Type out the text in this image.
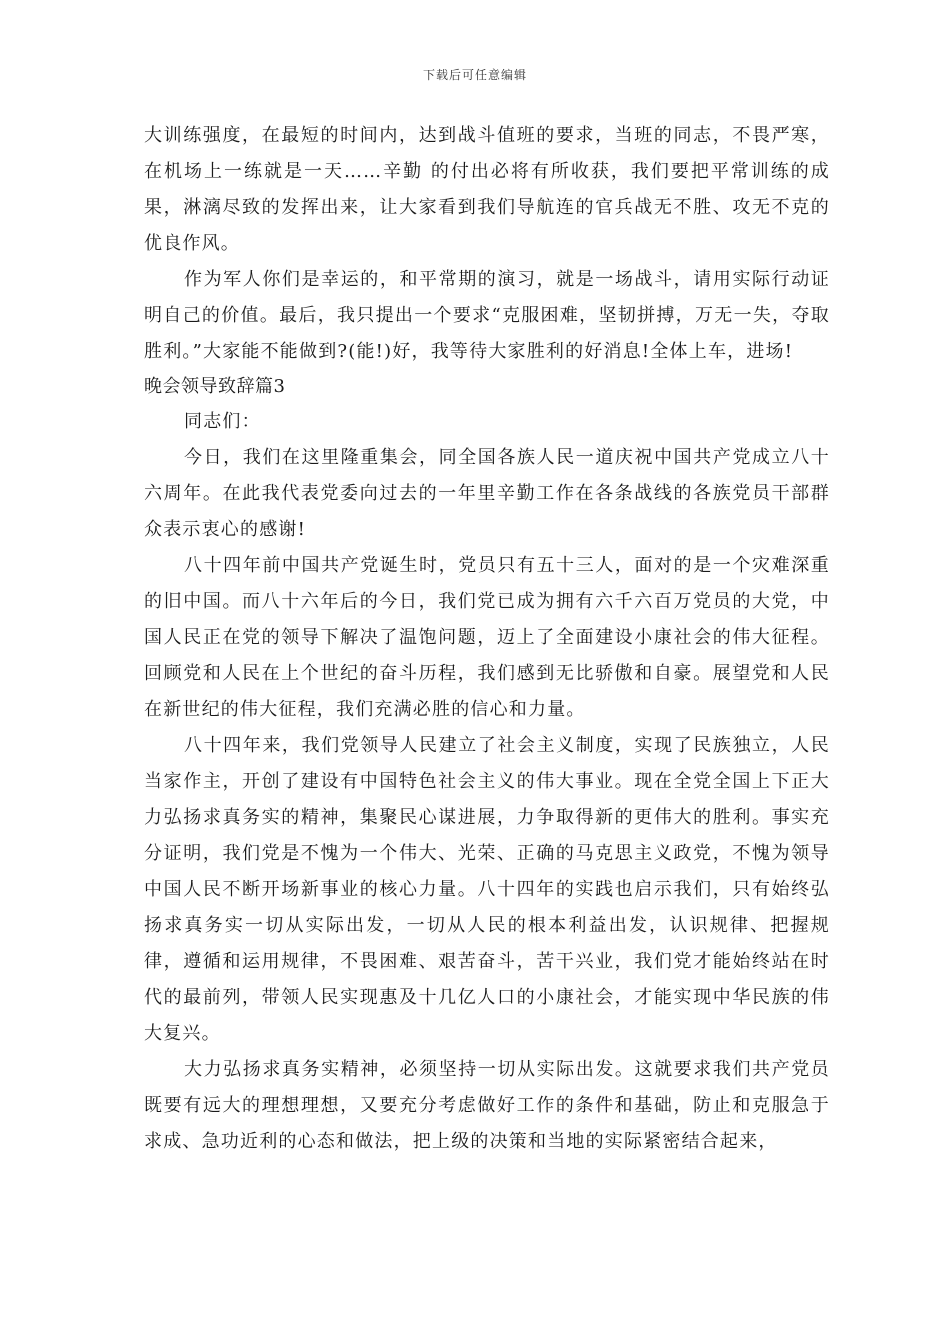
下载后可任意编辑

大训练强度，在最短的时间内，达到战斗值班的要求，当班的同志，不畏严寒，在机场上一练就是一天……辛勤 的付出必将有所收获，我们要把平常训练的成果，淋漓尽致的发挥出来，让大家看到我们导航连的官兵战无不胜、攻无不克的优良作风。

作为军人你们是幸运的，和平常期的演习，就是一场战斗，请用实际行动证明自己的价值。最后，我只提出一个要求“克服困难，坚韧拼搏，万无一失，夺取胜利。”大家能不能做到?(能!)好，我等待大家胜利的好消息!全体上车，进场!

晚会领导致辞篇3

同志们：

今日，我们在这里隆重集会，同全国各族人民一道庆祝中国共产党成立八十六周年。在此我代表党委向过去的一年里辛勤工作在各条战线的各族党员干部群众表示衷心的感谢!

八十四年前中国共产党诞生时，党员只有五十三人，面对的是一个灾难深重的旧中国。而八十六年后的今日，我们党已成为拥有六千六百万党员的大党，中国人民正在党的领导下解决了温饱问题，迈上了全面建设小康社会的伟大征程。回顾党和人民在上个世纪的奋斗历程，我们感到无比骄傲和自豪。展望党和人民在新世纪的伟大征程，我们充满必胜的信心和力量。

八十四年来，我们党领导人民建立了社会主义制度，实现了民族独立，人民当家作主，开创了建设有中国特色社会主义的伟大事业。现在全党全国上下正大力弘扬求真务实的精神，集聚民心谋进展，力争取得新的更伟大的胜利。事实充分证明，我们党是不愧为一个伟大、光荣、正确的马克思主义政党，不愧为领导中国人民不断开场新事业的核心力量。八十四年的实践也启示我们，只有始终弘扬求真务实一切从实际出发，一切从人民的根本利益出发，认识规律、把握规律，遵循和运用规律，不畏困难、艰苦奋斗，苦干兴业，我们党才能始终站在时代的最前列，带领人民实现惠及十几亿人口的小康社会，才能实现中华民族的伟大复兴。

大力弘扬求真务实精神，必须坚持一切从实际出发。这就要求我们共产党员既要有远大的理想理想，又要充分考虑做好工作的条件和基础，防止和克服急于求成、急功近利的心态和做法，把上级的决策和当地的实际紧密结合起来，
